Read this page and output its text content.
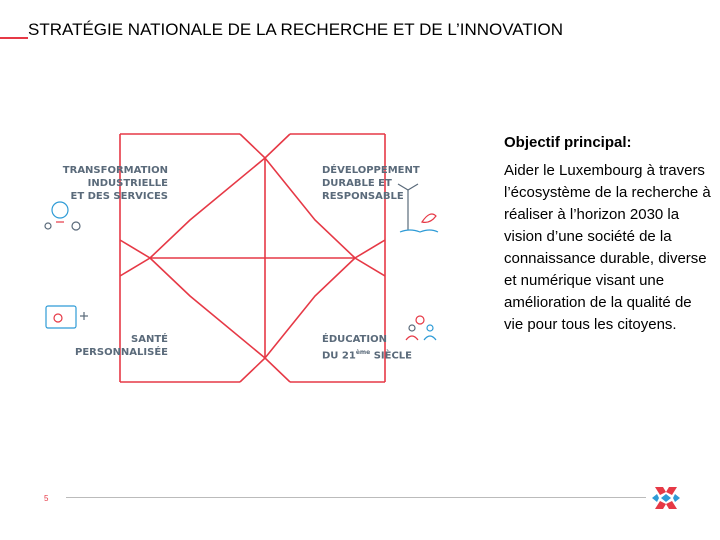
STRATÉGIE NATIONALE DE LA RECHERCHE ET DE L’INNOVATION
TRANSFORMATION
INDUSTRIELLE
ET DES SERVICES
DÉVELOPPEMENT
DURABLE ET
RESPONSABLE
SANTÉ
PERSONNALISÉE
ÉDUCATION
DU 21ème SIÈCLE
Objectif principal:

Aider le Luxembourg à travers l’écosystème de la recherche à réaliser à l’horizon 2030 la vision d’une société de la connaissance durable, diverse et numérique visant une amélioration de la qualité de vie pour tous les citoyens.

5
